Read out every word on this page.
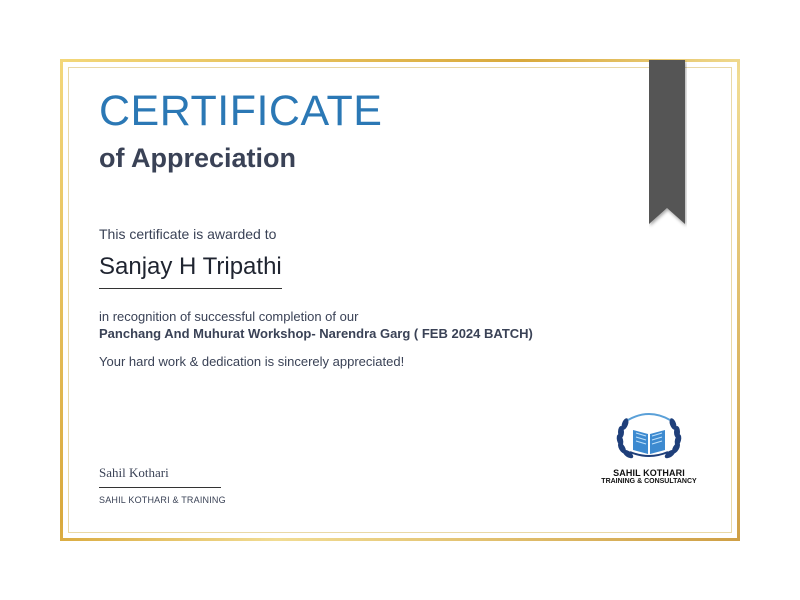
CERTIFICATE
of Appreciation
This certificate is awarded to
Sanjay H Tripathi
in recognition of successful completion of our
Panchang And Muhurat Workshop- Narendra Garg ( FEB 2024 BATCH)
Your hard work & dedication is sincerely appreciated!
Sahil Kothari
SAHIL KOTHARI & TRAINING
SAHIL KOTHARI
TRAINING & CONSULTANCY
